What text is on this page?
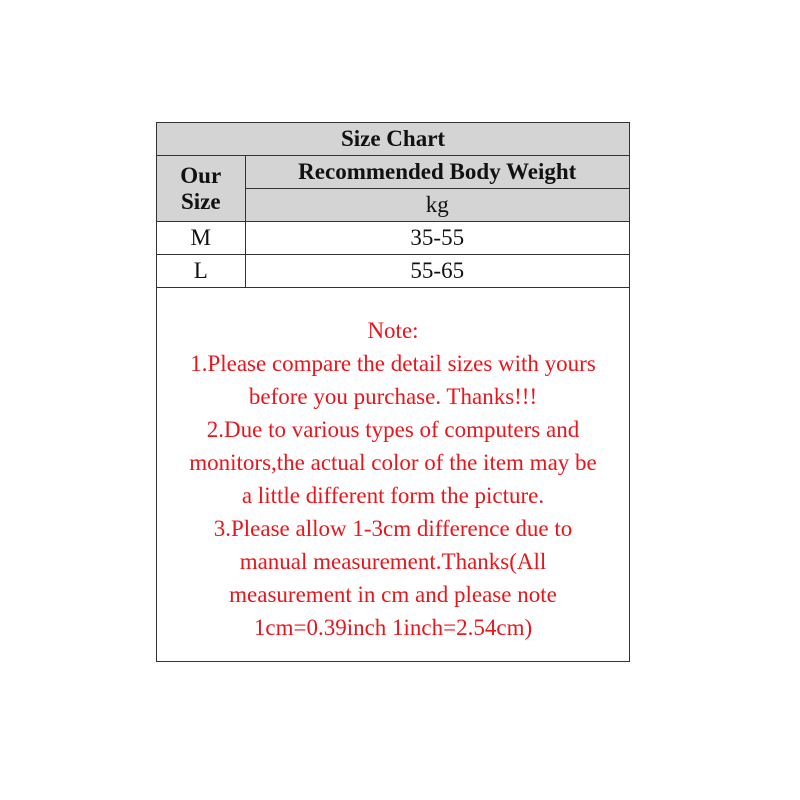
Size Chart	
Our Size	Recommended Body Weight
	kg
M	35-55
L	55-65
Note:
1.Please compare the detail sizes with yours
before you purchase. Thanks!!!
2.Due to various types of computers and
monitors,the actual color of the item may be
a little different form the picture.
3.Please allow 1-3cm difference due to
manual measurement.Thanks(All
measurement in cm and please note
1cm=0.39inch 1inch=2.54cm)
